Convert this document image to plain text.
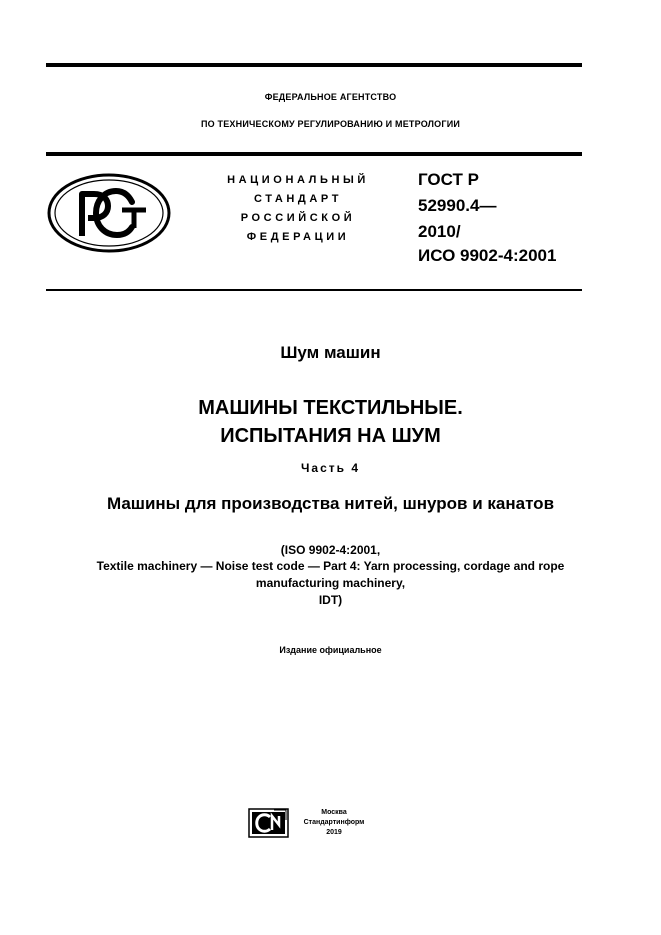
ФЕДЕРАЛЬНОЕ АГЕНТСТВО
ПО ТЕХНИЧЕСКОМУ РЕГУЛИРОВАНИЮ И МЕТРОЛОГИИ
НАЦИОНАЛЬНЫЙ
СТАНДАРТ
РОССИЙСКОЙ
ФЕДЕРАЦИИ
ГОСТ Р
52990.4—
2010/
ИСО 9902-4:2001
Шум машин
МАШИНЫ ТЕКСТИЛЬНЫЕ.
ИСПЫТАНИЯ НА ШУМ
Часть 4
Машины для производства нитей, шнуров и канатов
(ISO 9902-4:2001,
Textile machinery — Noise test code — Part 4: Yarn processing, cordage and rope
manufacturing machinery,
IDT)
Издание официальное
Москва
Стандартинформ
2019
